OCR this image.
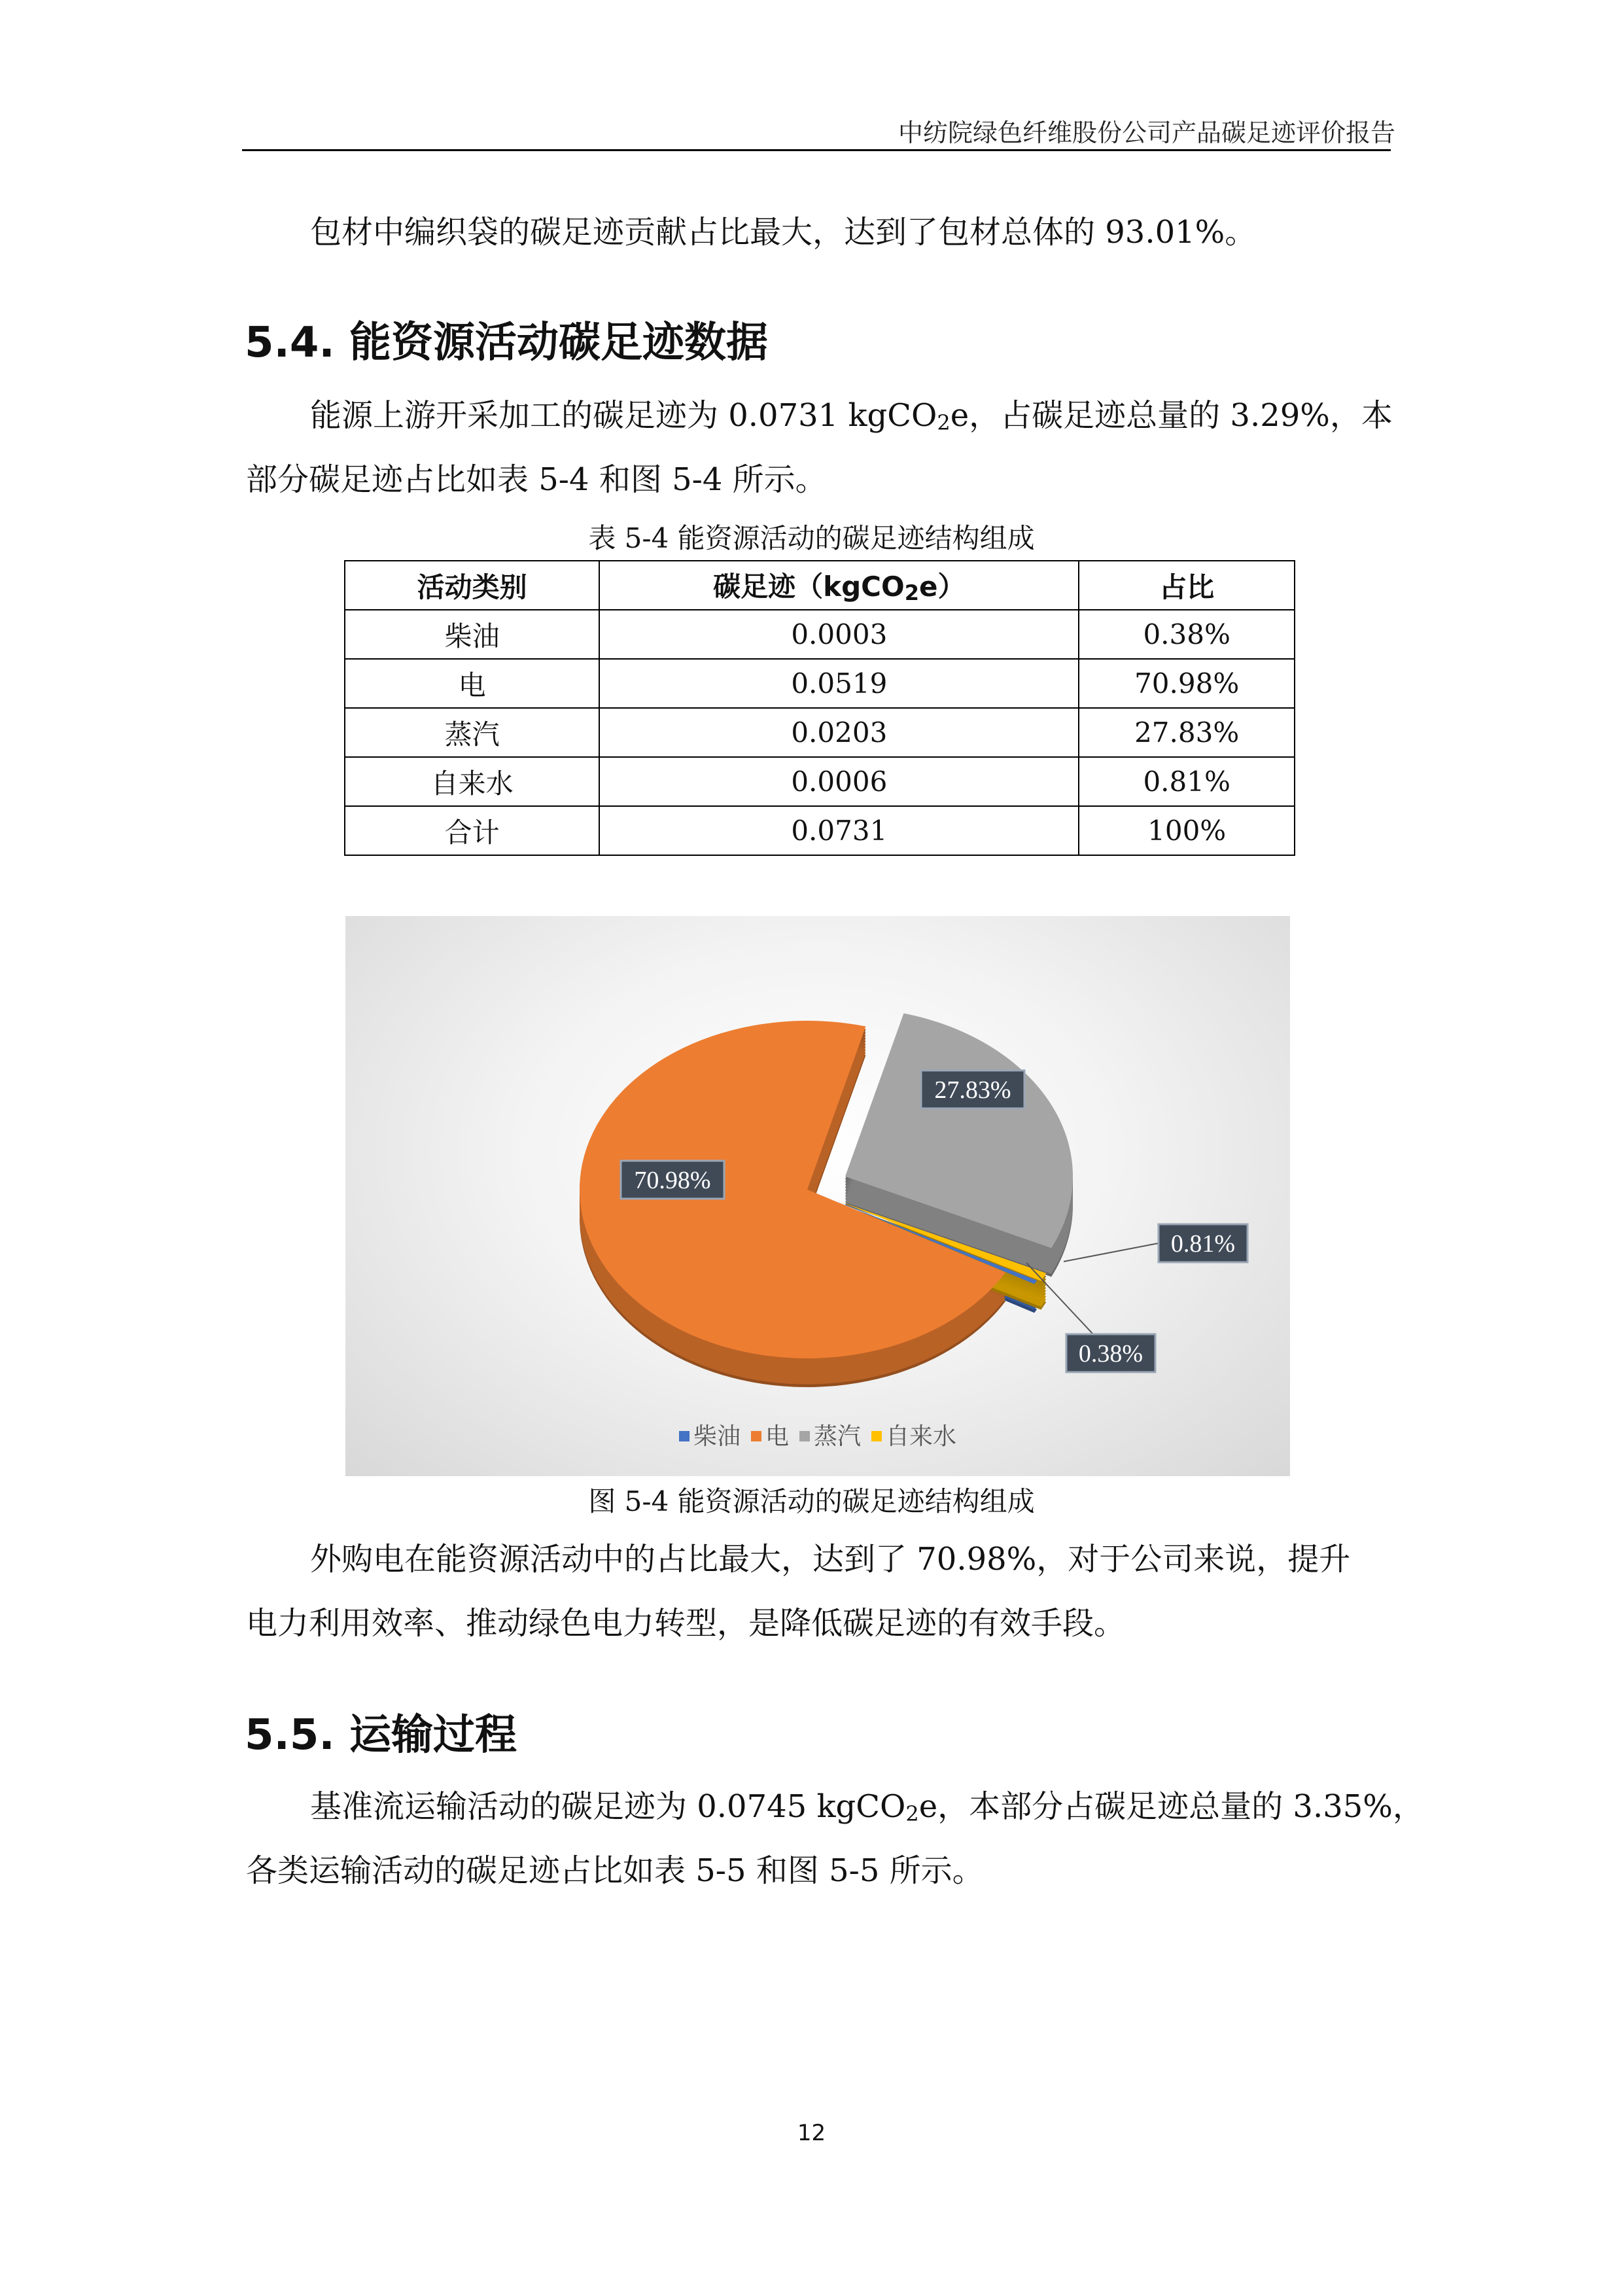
中纺院绿色纤维股份公司产品碳足迹评价报告
包材中编织袋的碳足迹贡献占比最大，达到了包材总体的 93.01%。
5.4. 能资源活动碳足迹数据
能源上游开采加工的碳足迹为 0.0731 kgCO2e，占碳足迹总量的 3.29%，本
部分碳足迹占比如表 5-4 和图 5-4 所示。
表 5-4 能资源活动的碳足迹结构组成
活动类别	碳足迹（kgCO2e）	占比
柴油	0.0003	0.38%
电	0.0519	70.98%
蒸汽	0.0203	27.83%
自来水	0.0006	0.81%
合计	0.0731	100%
0.38%
70.98%
27.83%
0.81%
柴油 电 蒸汽 自来水
图 5-4 能资源活动的碳足迹结构组成
外购电在能资源活动中的占比最大，达到了 70.98%，对于公司来说，提升
电力利用效率、推动绿色电力转型，是降低碳足迹的有效手段。
5.5. 运输过程
基准流运输活动的碳足迹为 0.0745 kgCO2e，本部分占碳足迹总量的 3.35%，
各类运输活动的碳足迹占比如表 5-5 和图 5-5 所示。
12
